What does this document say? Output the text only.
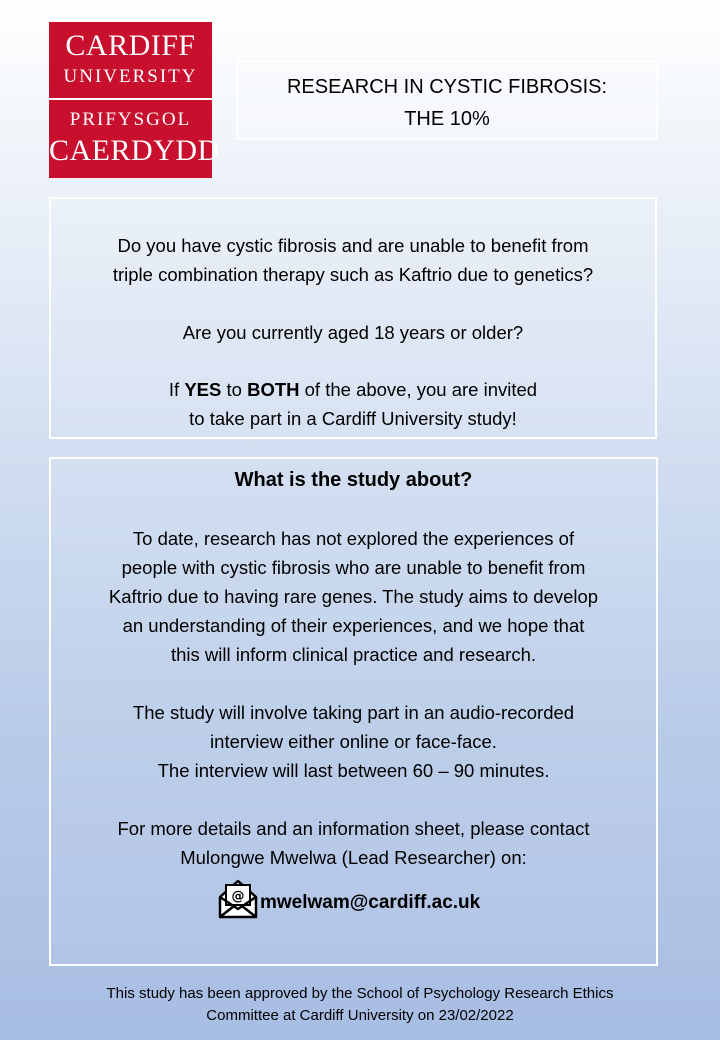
CARDIFF
UNIVERSITY
PRIFYSGOL
CAERDYDD
RESEARCH IN CYSTIC FIBROSIS:
THE 10%
Do you have cystic fibrosis and are unable to benefit from
triple combination therapy such as Kaftrio due to genetics?
Are you currently aged 18 years or older?
If YES to BOTH of the above, you are invited
to take part in a Cardiff University study!
What is the study about?
To date, research has not explored the experiences of
people with cystic fibrosis who are unable to benefit from
Kaftrio due to having rare genes. The study aims to develop
an understanding of their experiences, and we hope that
this will inform clinical practice and research.
The study will involve taking part in an audio-recorded
interview either online or face-face.
The interview will last between 60 – 90 minutes.
For more details and an information sheet, please contact
Mulongwe Mwelwa (Lead Researcher) on:
@ mwelwam@cardiff.ac.uk
This study has been approved by the School of Psychology Research Ethics
Committee at Cardiff University on 23/02/2022
